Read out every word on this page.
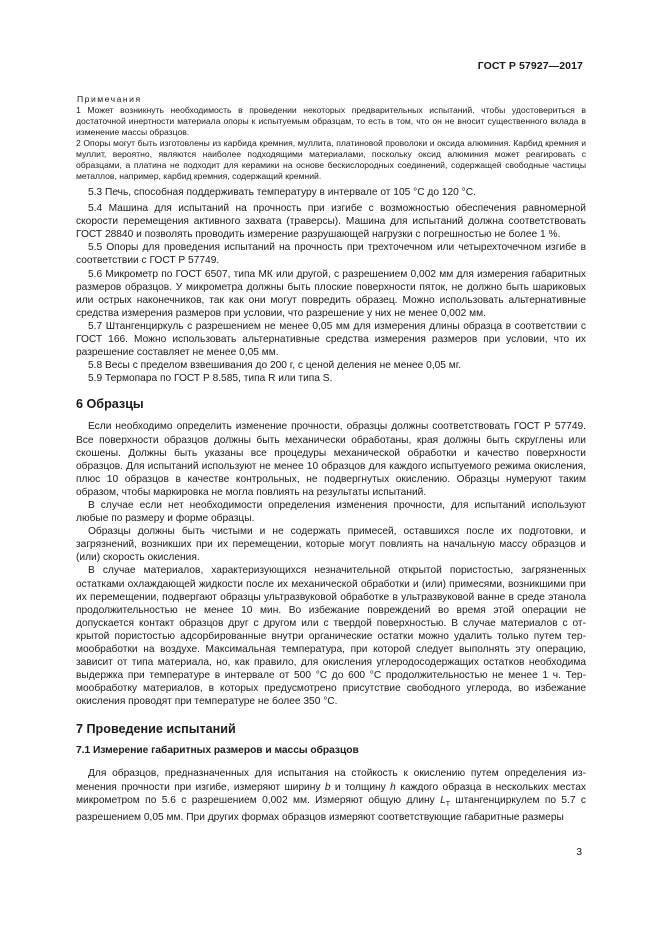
ГОСТ Р 57927—2017
Примечания
1 Может возникнуть необходимость в проведении некоторых предварительных испытаний, чтобы удостовериться в достаточной инертности материала опоры к испытуемым образцам, то есть в том, что он не вносит существенного вклада в изменение массы образцов.
2 Опоры могут быть изготовлены из карбида кремния, муллита, платиновой проволоки и оксида алюминия. Карбид кремния и муллит, вероятно, являются наиболее подходящими материалами, поскольку оксид алюминия может реагировать с образцами, а платина не подходит для керамики на основе бескислородных соединений, содержащей свободные частицы металлов, например, карбид кремния, содержащий кремний.
5.3 Печь, способная поддерживать температуру в интервале от 105 °С до 120 °С.
5.4 Машина для испытаний на прочность при изгибе с возможностью обеспечения равномерной скорости перемещения активного захвата (траверсы). Машина для испытаний должна соответствовать ГОСТ 28840 и позволять проводить измерение разрушающей нагрузки с погрешностью не более 1 %.
5.5 Опоры для проведения испытаний на прочность при трехточечном или четырехточечном изгибе в соответствии с ГОСТ Р 57749.
5.6 Микрометр по ГОСТ 6507, типа МК или другой, с разрешением 0,002 мм для измерения габаритных размеров образцов. У микрометра должны быть плоские поверхности пяток, не должно быть шариковых или острых наконечников, так как они могут повредить образец. Можно использовать альтернативные средства измерения размеров при условии, что разрешение у них не менее 0,002 мм.
5.7 Штангенциркуль с разрешением не менее 0,05 мм для измерения длины образца в соответствии с ГОСТ 166. Можно использовать альтернативные средства измерения размеров при условии, что их разрешение составляет не менее 0,05 мм.
5.8 Весы с пределом взвешивания до 200 г, с ценой деления не менее 0,05 мг.
5.9 Термопара по ГОСТ Р 8.585, типа R или типа S.
6 Образцы
Если необходимо определить изменение прочности, образцы должны соответствовать ГОСТ Р 57749. Все поверхности образцов должны быть механически обработаны, края должны быть скруглены или скошены. Должны быть указаны все процедуры механической обработки и качество поверхности образцов. Для испытаний используют не менее 10 образцов для каждого испытуемого режима окисления, плюс 10 образцов в качестве контрольных, не подвергнутых окислению. Образцы нумеруют таким образом, чтобы маркировка не могла повлиять на результаты испытаний.
В случае если нет необходимости определения изменения прочности, для испытаний используют любые по размеру и форме образцы.
Образцы должны быть чистыми и не содержать примесей, оставшихся после их подготовки, и загрязнений, возникших при их перемещении, которые могут повлиять на начальную массу образцов и (или) скорость окисления.
В случае материалов, характеризующихся незначительной открытой пористостью, загрязненных остатками охлаждающей жидкости после их механической обработки и (или) примесями, возникшими при их перемещении, подвергают образцы ультразвуковой обработке в ультразвуковой ванне в среде этанола продолжительностью не менее 10 мин. Во избежание повреждений во время этой операции не допускается контакт образцов друг с другом или с твердой поверхностью. В случае материалов с открытой пористостью адсорбированные внутри органические остатки можно удалить только путем термообработки на воздухе. Максимальная температура, при которой следует выполнять эту операцию, зависит от типа материала, но, как правило, для окисления углеродосодержащих остатков необходима выдержка при температуре в интервале от 500 °С до 600 °С продолжительностью не менее 1 ч. Термообработку материалов, в которых предусмотрено присутствие свободного углерода, во избежание окисления проводят при температуре не более 350 °С.
7 Проведение испытаний
7.1 Измерение габаритных размеров и массы образцов
Для образцов, предназначенных для испытания на стойкость к окислению путем определения изменения прочности при изгибе, измеряют ширину b и толщину h каждого образца в нескольких местах микрометром по 5.6 с разрешением 0,002 мм. Измеряют общую длину $L_T$ штангенциркулем по 5.7 с разрешением 0,05 мм. При других формах образцов измеряют соответствующие габаритные размеры
3
